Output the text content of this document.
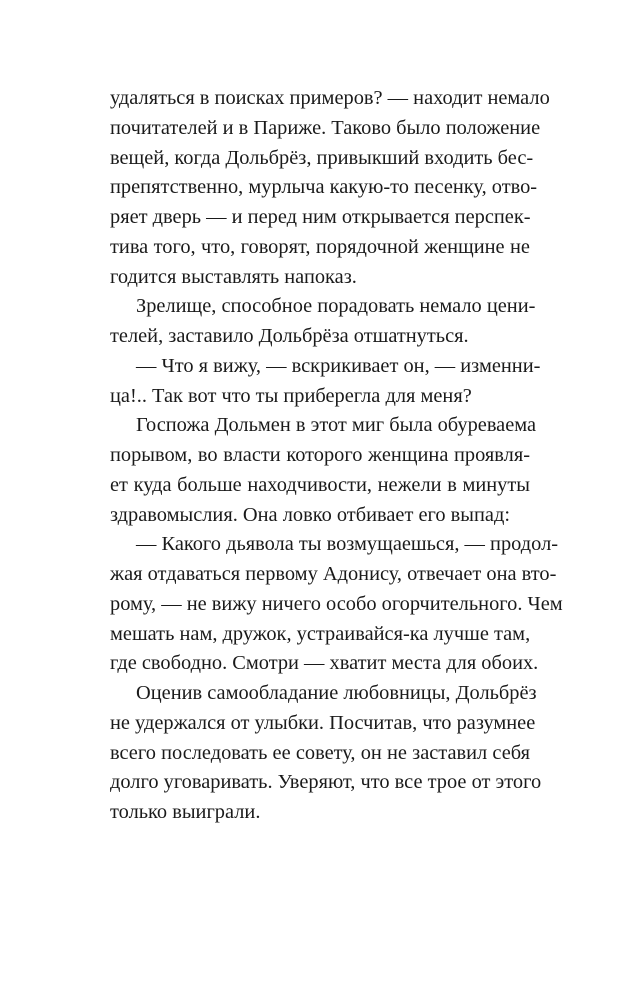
удаляться в поисках примеров? — находит немало
почитателей и в Париже. Таково было положение
вещей, когда Дольбрёз, привыкший входить бес-
препятственно, мурлыча какую-то песенку, отво-
ряет дверь — и перед ним открывается перспек-
тива того, что, говорят, порядочной женщине не
годится выставлять напоказ.
Зрелище, способное порадовать немало цени-
телей, заставило Дольбрёза отшатнуться.
— Что я вижу, — вскрикивает он, — изменни-
ца!.. Так вот что ты приберегла для меня?
Госпожа Дольмен в этот миг была обуреваема
порывом, во власти которого женщина проявля-
ет куда больше находчивости, нежели в минуты
здравомыслия. Она ловко отбивает его выпад:
— Какого дьявола ты возмущаешься, — продол-
жая отдаваться первому Адонису, отвечает она вто-
рому, — не вижу ничего особо огорчительного. Чем
мешать нам, дружок, устраивайся-ка лучше там,
где свободно. Смотри — хватит места для обоих.
Оценив самообладание любовницы, Дольбрёз
не удержался от улыбки. Посчитав, что разумнее
всего последовать ее совету, он не заставил себя
долго уговаривать. Уверяют, что все трое от этого
только выиграли.
